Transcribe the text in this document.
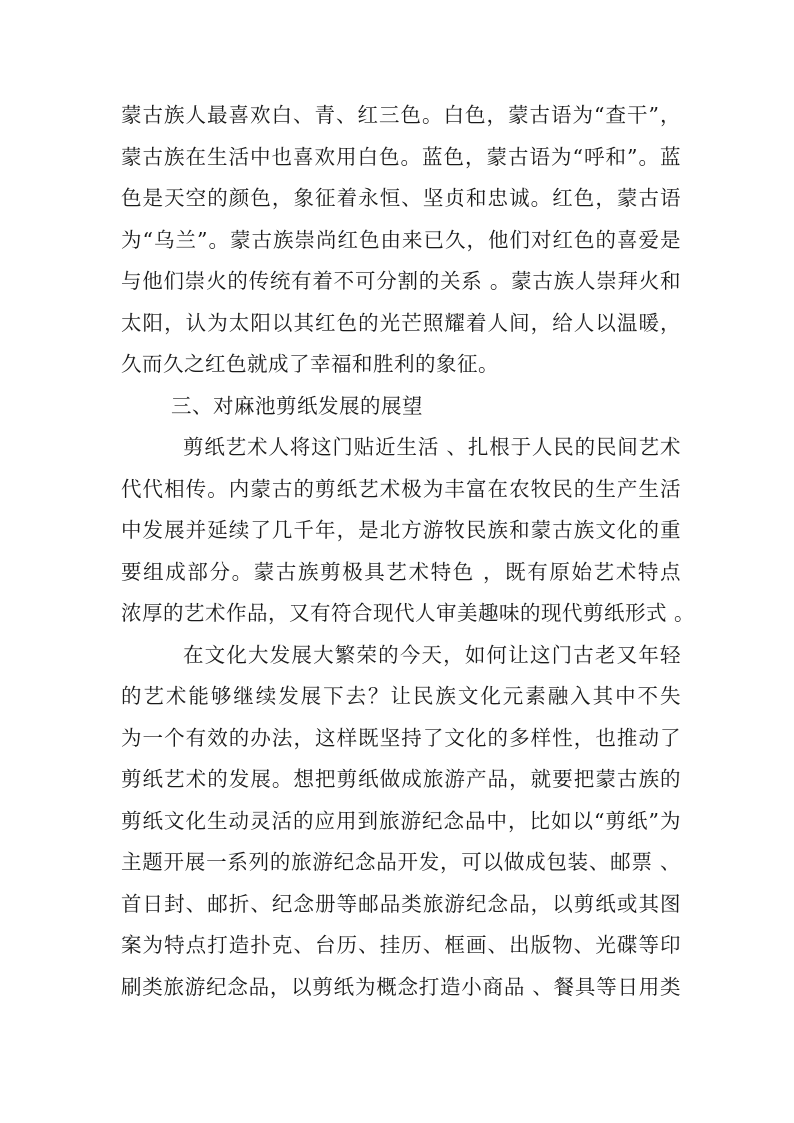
蒙古族人最喜欢白、青、红三色。白色，蒙古语为“查干”，
蒙古族在生活中也喜欢用白色。蓝色，蒙古语为“呼和”。蓝
色是天空的颜色，象征着永恒、坚贞和忠诚。红色，蒙古语
为“乌兰”。蒙古族崇尚红色由来已久，他们对红色的喜爱是
与他们崇火的传统有着不可分割的关系 。蒙古族人崇拜火和
太阳，认为太阳以其红色的光芒照耀着人间，给人以温暖，
久而久之红色就成了幸福和胜利的象征。
三、对麻池剪纸发展的展望
剪纸艺术人将这门贴近生活 、扎根于人民的民间艺术
代代相传。内蒙古的剪纸艺术极为丰富在农牧民的生产生活
中发展并延续了几千年，是北方游牧民族和蒙古族文化的重
要组成部分。蒙古族剪极具艺术特色 ，既有原始艺术特点
浓厚的艺术作品，又有符合现代人审美趣味的现代剪纸形式 。
在文化大发展大繁荣的今天，如何让这门古老又年轻
的艺术能够继续发展下去？让民族文化元素融入其中不失
为一个有效的办法，这样既坚持了文化的多样性，也推动了
剪纸艺术的发展。想把剪纸做成旅游产品，就要把蒙古族的
剪纸文化生动灵活的应用到旅游纪念品中，比如以“剪纸”为
主题开展一系列的旅游纪念品开发，可以做成包装、邮票 、
首日封、邮折、纪念册等邮品类旅游纪念品，以剪纸或其图
案为特点打造扑克、台历、挂历、框画、出版物、光碟等印
刷类旅游纪念品，以剪纸为概念打造小商品 、餐具等日用类
